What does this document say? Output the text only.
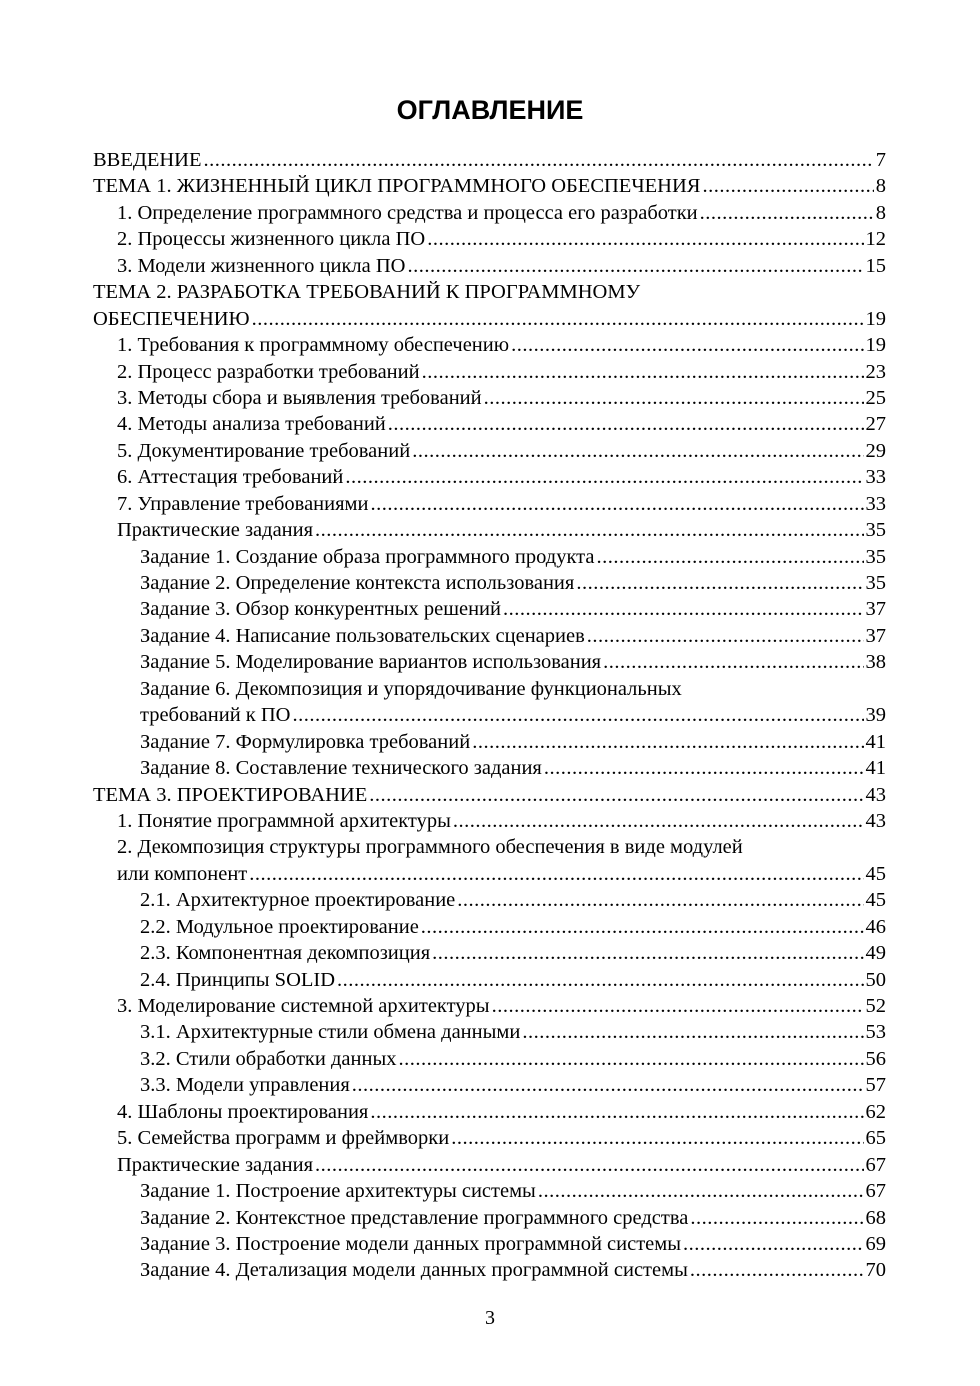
ОГЛАВЛЕНИЕ
ВВЕДЕНИЕ .....	7
ТЕМА 1. ЖИЗНЕННЫЙ ЦИКЛ ПРОГРАММНОГО ОБЕСПЕЧЕНИЯ .....	8
1. Определение программного средства и процесса его разработки .....	8
2. Процессы жизненного цикла ПО .....	12
3. Модели жизненного цикла ПО .....	15
ТЕМА 2. РАЗРАБОТКА ТРЕБОВАНИЙ К ПРОГРАММНОМУ
ОБЕСПЕЧЕНИЮ .....	19
1. Требования к программному обеспечению .....	19
2. Процесс разработки требований .....	23
3. Методы сбора и выявления требований .....	25
4. Методы анализа требований .....	27
5. Документирование требований .....	29
6. Аттестация требований .....	33
7. Управление требованиями .....	33
Практические задания .....	35
Задание 1. Создание образа программного продукта .....	35
Задание 2. Определение контекста использования .....	35
Задание 3. Обзор конкурентных решений .....	37
Задание 4. Написание пользовательских сценариев .....	37
Задание 5. Моделирование вариантов использования .....	38
Задание 6. Декомпозиция и упорядочивание функциональных
требований к ПО .....	39
Задание 7. Формулировка требований .....	41
Задание 8. Составление технического задания .....	41
ТЕМА 3. ПРОЕКТИРОВАНИЕ .....	43
1. Понятие программной архитектуры .....	43
2. Декомпозиция структуры программного обеспечения в виде модулей
или компонент .....	45
2.1. Архитектурное проектирование .....	45
2.2. Модульное проектирование .....	46
2.3. Компонентная декомпозиция .....	49
2.4. Принципы SOLID .....	50
3. Моделирование системной архитектуры .....	52
3.1. Архитектурные стили обмена данными .....	53
3.2. Стили обработки данных .....	56
3.3. Модели управления .....	57
4. Шаблоны проектирования .....	62
5. Семейства программ и фреймворки .....	65
Практические задания .....	67
Задание 1. Построение архитектуры системы .....	67
Задание 2. Контекстное представление программного средства .....	68
Задание 3. Построение модели данных программной системы .....	69
Задание 4. Детализация модели данных программной системы .....	70
3
